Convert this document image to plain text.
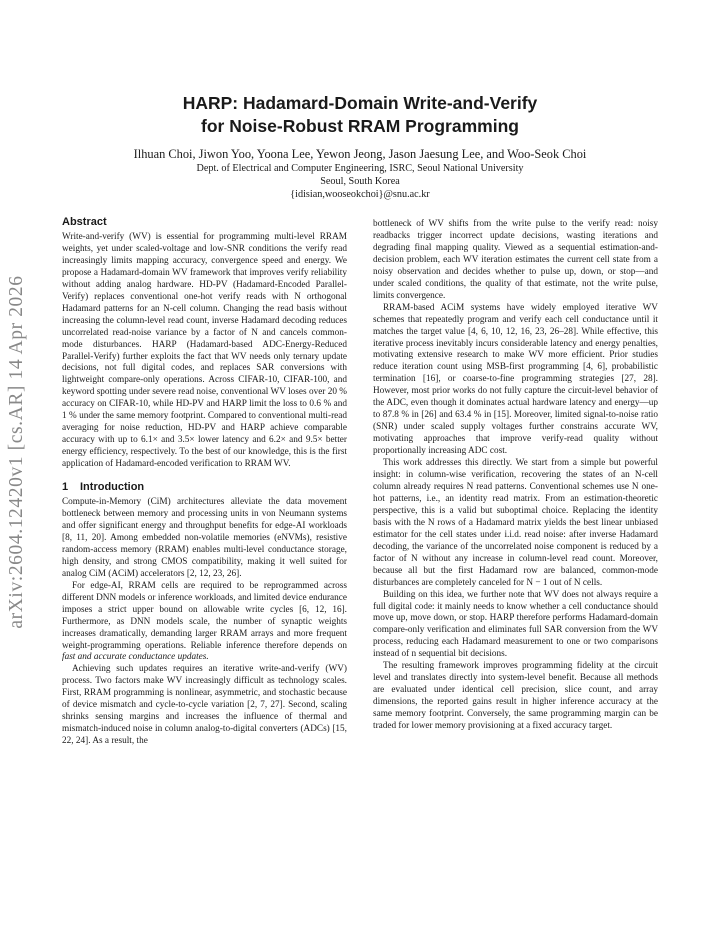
arXiv:2604.12420v1 [cs.AR] 14 Apr 2026
HARP: Hadamard-Domain Write-and-Verify
for Noise-Robust RRAM Programming
Ilhuan Choi, Jiwon Yoo, Yoona Lee, Yewon Jeong, Jason Jaesung Lee, and Woo-Seok Choi
Dept. of Electrical and Computer Engineering, ISRC, Seoul National University
Seoul, South Korea
{idisian,wooseokchoi}@snu.ac.kr
Abstract

Write-and-verify (WV) is essential for programming multi-level RRAM weights, yet under scaled-voltage and low-SNR conditions the verify read increasingly limits mapping accuracy, convergence speed and energy. We propose a Hadamard-domain WV framework that improves verify reliability without adding analog hardware. HD-PV (Hadamard-Encoded Parallel-Verify) replaces conventional one-hot verify reads with N orthogonal Hadamard patterns for an N-cell column. Changing the read basis without increasing the column-level read count, inverse Hadamard decoding reduces uncorrelated read-noise variance by a factor of N and cancels common-mode disturbances. HARP (Hadamard-based ADC-Energy-Reduced Parallel-Verify) further exploits the fact that WV needs only ternary update decisions, not full digital codes, and replaces SAR conversions with lightweight compare-only operations. Across CIFAR-10, CIFAR-100, and keyword spotting under severe read noise, conventional WV loses over 20 % accuracy on CIFAR-10, while HD-PV and HARP limit the loss to 0.6 % and 1 % under the same memory footprint. Compared to conventional multi-read averaging for noise reduction, HD-PV and HARP achieve comparable accuracy with up to 6.1× and 3.5× lower latency and 6.2× and 9.5× better energy efficiency, respectively. To the best of our knowledge, this is the first application of Hadamard-encoded verification to RRAM WV.

1 Introduction

Compute-in-Memory (CiM) architectures alleviate the data movement bottleneck between memory and processing units in von Neumann systems and offer significant energy and throughput benefits for edge-AI workloads [8, 11, 20]. Among embedded non-volatile memories (eNVMs), resistive random-access memory (RRAM) enables multi-level conductance storage, high density, and strong CMOS compatibility, making it well suited for analog CiM (ACiM) accelerators [2, 12, 23, 26].

For edge-AI, RRAM cells are required to be reprogrammed across different DNN models or inference workloads, and limited device endurance imposes a strict upper bound on allowable write cycles [6, 12, 16]. Furthermore, as DNN models scale, the number of synaptic weights increases dramatically, demanding larger RRAM arrays and more frequent weight-programming operations. Reliable inference therefore depends on fast and accurate conductance updates.

Achieving such updates requires an iterative write-and-verify (WV) process. Two factors make WV increasingly difficult as technology scales. First, RRAM programming is nonlinear, asymmetric, and stochastic because of device mismatch and cycle-to-cycle variation [2, 7, 27]. Second, scaling shrinks sensing margins and increases the influence of thermal and mismatch-induced noise in column analog-to-digital converters (ADCs) [15, 22, 24]. As a result, the

bottleneck of WV shifts from the write pulse to the verify read: noisy readbacks trigger incorrect update decisions, wasting iterations and degrading final mapping quality. Viewed as a sequential estimation-and-decision problem, each WV iteration estimates the current cell state from a noisy observation and decides whether to pulse up, down, or stop—and under scaled conditions, the quality of that estimate, not the write pulse, limits convergence.

RRAM-based ACiM systems have widely employed iterative WV schemes that repeatedly program and verify each cell conductance until it matches the target value [4, 6, 10, 12, 16, 23, 26–28]. While effective, this iterative process inevitably incurs considerable latency and energy penalties, motivating extensive research to make WV more efficient. Prior studies reduce iteration count using MSB-first programming [4, 6], probabilistic termination [16], or coarse-to-fine programming strategies [27, 28]. However, most prior works do not fully capture the circuit-level behavior of the ADC, even though it dominates actual hardware latency and energy—up to 87.8 % in [26] and 63.4 % in [15]. Moreover, limited signal-to-noise ratio (SNR) under scaled supply voltages further constrains accurate WV, motivating approaches that improve verify-read quality without proportionally increasing ADC cost.

This work addresses this directly. We start from a simple but powerful insight: in column-wise verification, recovering the states of an N-cell column already requires N read patterns. Conventional schemes use N one-hot patterns, i.e., an identity read matrix. From an estimation-theoretic perspective, this is a valid but suboptimal choice. Replacing the identity basis with the N rows of a Hadamard matrix yields the best linear unbiased estimator for the cell states under i.i.d. read noise: after inverse Hadamard decoding, the variance of the uncorrelated noise component is reduced by a factor of N without any increase in column-level read count. Moreover, because all but the first Hadamard row are balanced, common-mode disturbances are completely canceled for N − 1 out of N cells.

Building on this idea, we further note that WV does not always require a full digital code: it mainly needs to know whether a cell conductance should move up, move down, or stop. HARP therefore performs Hadamard-domain compare-only verification and eliminates full SAR conversion from the WV process, reducing each Hadamard measurement to one or two comparisons instead of n sequential bit decisions.

The resulting framework improves programming fidelity at the circuit level and translates directly into system-level benefit. Because all methods are evaluated under identical cell precision, slice count, and array dimensions, the reported gains result in higher inference accuracy at the same memory footprint. Conversely, the same programming margin can be traded for lower memory provisioning at a fixed accuracy target.
